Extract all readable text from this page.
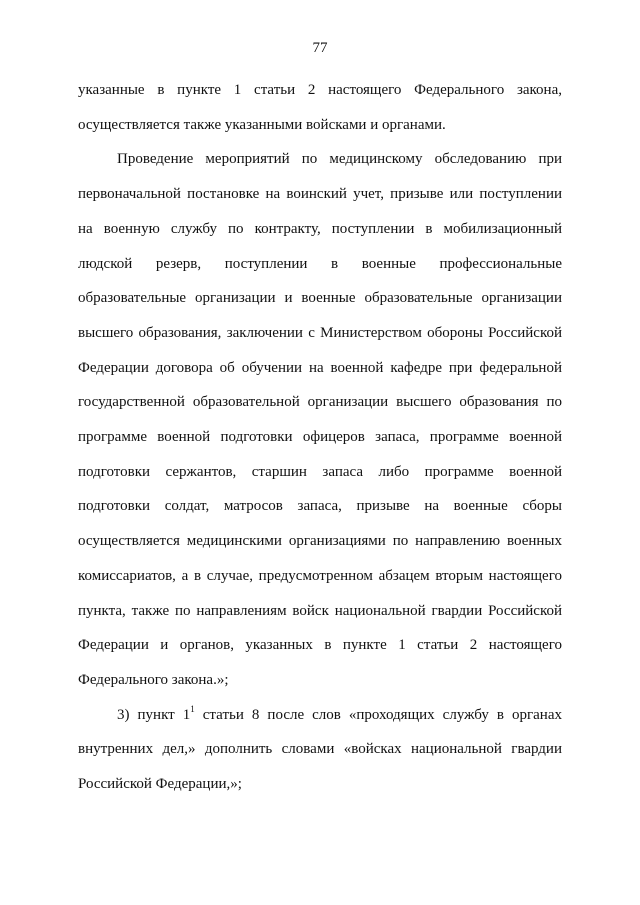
77

указанные в пункте 1 статьи 2 настоящего Федерального закона, осуществляется также указанными войсками и органами.

Проведение мероприятий по медицинскому обследованию при первоначальной постановке на воинский учет, призыве или поступлении на военную службу по контракту, поступлении в мобилизационный людской резерв, поступлении в военные профессиональные образовательные организации и военные образовательные организации высшего образования, заключении с Министерством обороны Российской Федерации договора об обучении на военной кафедре при федеральной государственной образовательной организации высшего образования по программе военной подготовки офицеров запаса, программе военной подготовки сержантов, старшин запаса либо программе военной подготовки солдат, матросов запаса, призыве на военные сборы осуществляется медицинскими организациями по направлению военных комиссариатов, а в случае, предусмотренном абзацем вторым настоящего пункта, также по направлениям войск национальной гвардии Российской Федерации и органов, указанных в пункте 1 статьи 2 настоящего Федерального закона.»;

3) пункт $1^1$ статьи 8 после слов «проходящих службу в органах внутренних дел,» дополнить словами «войсках национальной гвардии Российской Федерации,»;
